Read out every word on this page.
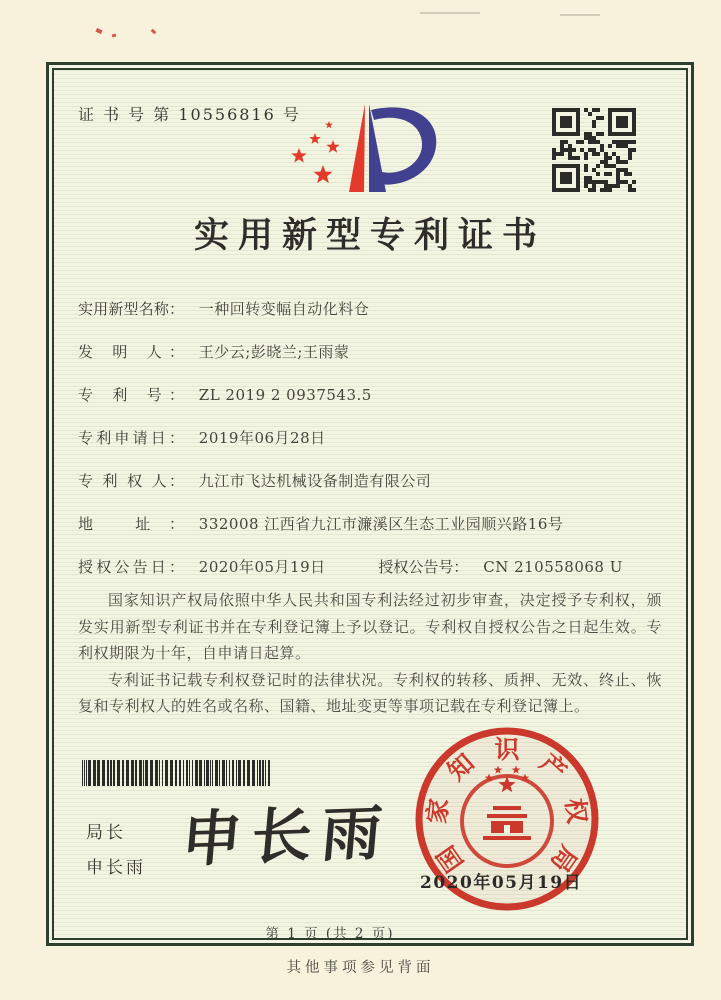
证 书 号 第 10556816 号
实用新型专利证书
实用新型名称： 一种回转变幅自动化料仓
发 明 人： 王少云;彭晓兰;王雨蒙
专 利 号： ZL 2019 2 0937543.5
专利申请日： 2019年06月28日
专 利 权 人： 九江市飞达机械设备制造有限公司
地 址： 332008 江西省九江市濂溪区生态工业园顺兴路16号
授权公告日： 2020年05月19日	授权公告号： CN 210558068 U

国家知识产权局依照中华人民共和国专利法经过初步审查，决定授予专利权，颁发实用新型专利证书并在专利登记簿上予以登记。专利权自授权公告之日起生效。专利权期限为十年，自申请日起算。

专利证书记载专利权登记时的法律状况。专利权的转移、质押、无效、终止、恢复和专利权人的姓名或名称、国籍、地址变更等事项记载在专利登记簿上。

局长
申长雨 申长雨	国
家
知 识 产
权
局
2020年05月19日
第 1 页 (共 2 页)
其他事项参见背面
